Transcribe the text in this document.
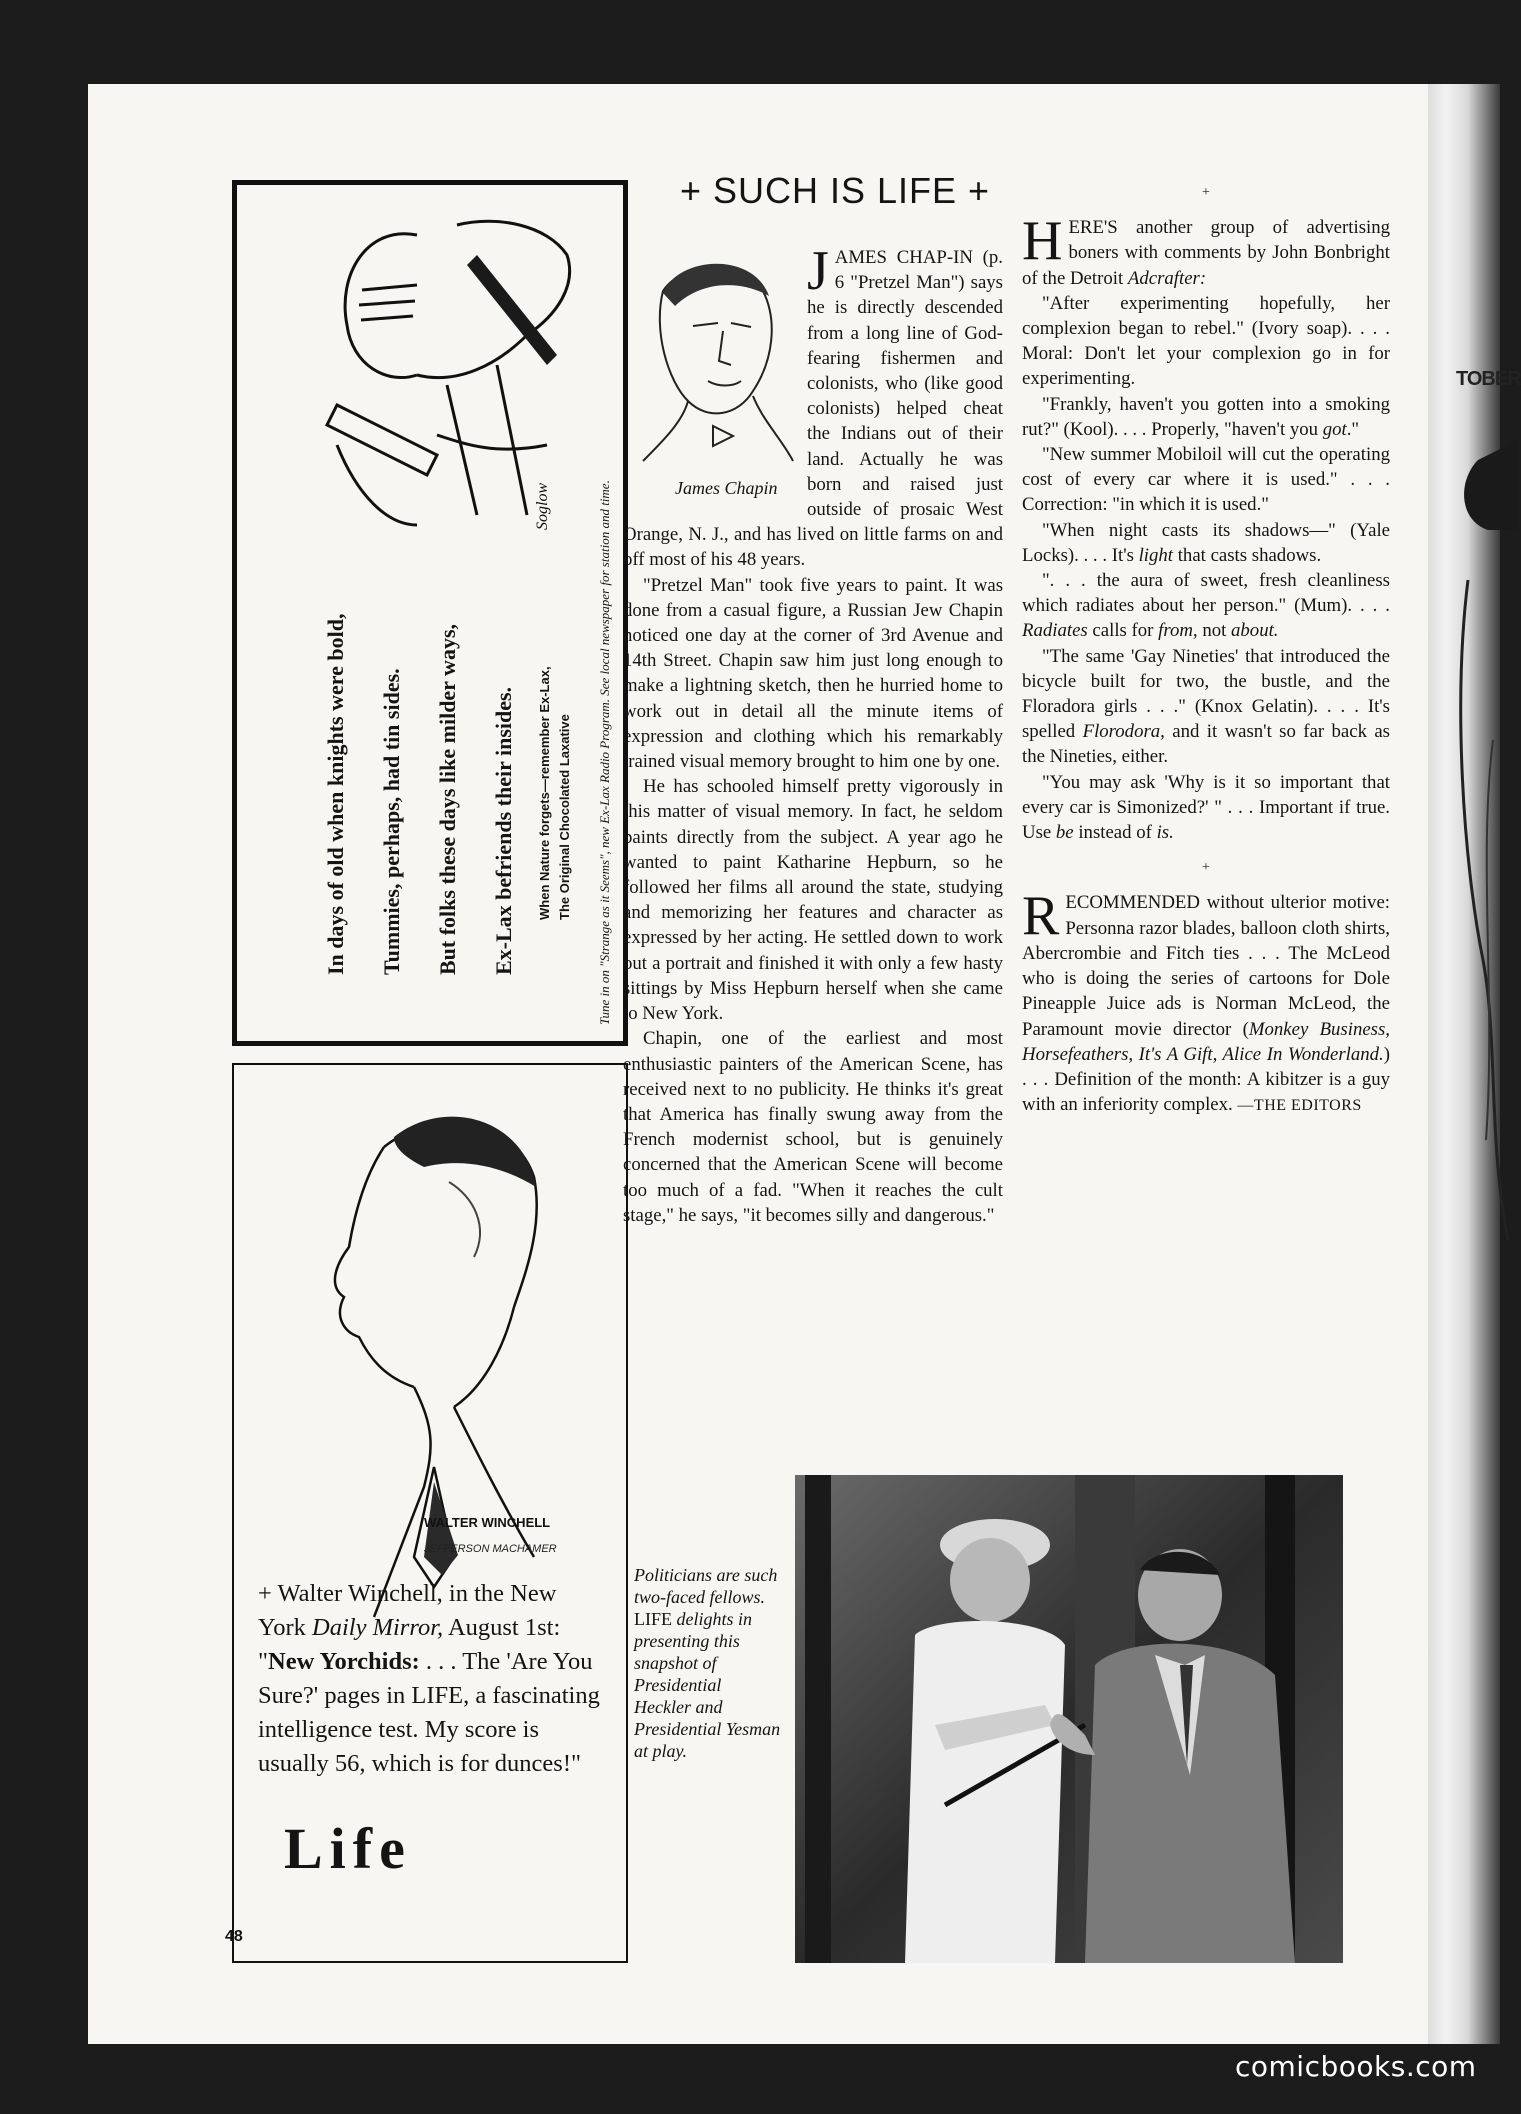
TOBER
Soglow
In days of old when knights were bold, Tummies, perhaps, had tin sides. But folks these days like milder ways, Ex-Lax befriends their insides. When Nature forgets—remember Ex-Lax, The Original Chocolated Laxative Tune in on "Strange as it Seems", new Ex-Lax Radio Program. See local newspaper for station and time.
WALTER WINCHELL
JEFFERSON MACHAMER

+ Walter Winchell, in the New York Daily Mirror, August 1st: "New Yorchids: . . . The 'Are You Sure?' pages in LIFE, a fascinating intelligence test. My score is usually 56, which is for dunces!"

Life
48
+ SUCH IS LIFE +
James Chapin

JAMES CHAP-IN (p. 6 "Pretzel Man") says he is directly descended from a long line of God-fearing fishermen and colonists, who (like good colonists) helped cheat the Indians out of their land. Actually he was born and raised just outside of prosaic West Orange, N. J., and has lived on little farms on and off most of his 48 years.

"Pretzel Man" took five years to paint. It was done from a casual figure, a Russian Jew Chapin noticed one day at the corner of 3rd Avenue and 14th Street. Chapin saw him just long enough to make a lightning sketch, then he hurried home to work out in detail all the minute items of expression and clothing which his remarkably trained visual memory brought to him one by one.

He has schooled himself pretty vigorously in this matter of visual memory. In fact, he seldom paints directly from the subject. A year ago he wanted to paint Katharine Hepburn, so he followed her films all around the state, studying and memorizing her features and character as expressed by her acting. He settled down to work out a portrait and finished it with only a few hasty sittings by Miss Hepburn herself when she came to New York.

Chapin, one of the earliest and most enthusiastic painters of the American Scene, has received next to no publicity. He thinks it's great that America has finally swung away from the French modernist school, but is genuinely concerned that the American Scene will become too much of a fad. "When it reaches the cult stage," he says, "it becomes silly and dangerous."

+

HERE'S another group of advertising boners with comments by John Bonbright of the Detroit Adcrafter:

"After experimenting hopefully, her complexion began to rebel." (Ivory soap). . . . Moral: Don't let your complexion go in for experimenting.

"Frankly, haven't you gotten into a smoking rut?" (Kool). . . . Properly, "haven't you got."

"New summer Mobiloil will cut the operating cost of every car where it is used." . . . Correction: "in which it is used."

"When night casts its shadows—" (Yale Locks). . . . It's light that casts shadows.

". . . the aura of sweet, fresh cleanliness which radiates about her person." (Mum). . . . Radiates calls for from, not about.

"The same 'Gay Nineties' that introduced the bicycle built for two, the bustle, and the Floradora girls . . ." (Knox Gelatin). . . . It's spelled Florodora, and it wasn't so far back as the Nineties, either.

"You may ask 'Why is it so important that every car is Simonized?' " . . . Important if true. Use be instead of is.

+

RECOMMENDED without ulterior motive: Personna razor blades, balloon cloth shirts, Abercrombie and Fitch ties . . . The McLeod who is doing the series of cartoons for Dole Pineapple Juice ads is Norman McLeod, the Paramount movie director (Monkey Business, Horsefeathers, It's A Gift, Alice In Wonderland.) . . . Definition of the month: A kibitzer is a guy with an inferiority complex. —THE EDITORS

Politicians are such two-faced fellows. LIFE delights in presenting this snapshot of Presidential Heckler and Presidential Yesman at play.

comicbooks.com
